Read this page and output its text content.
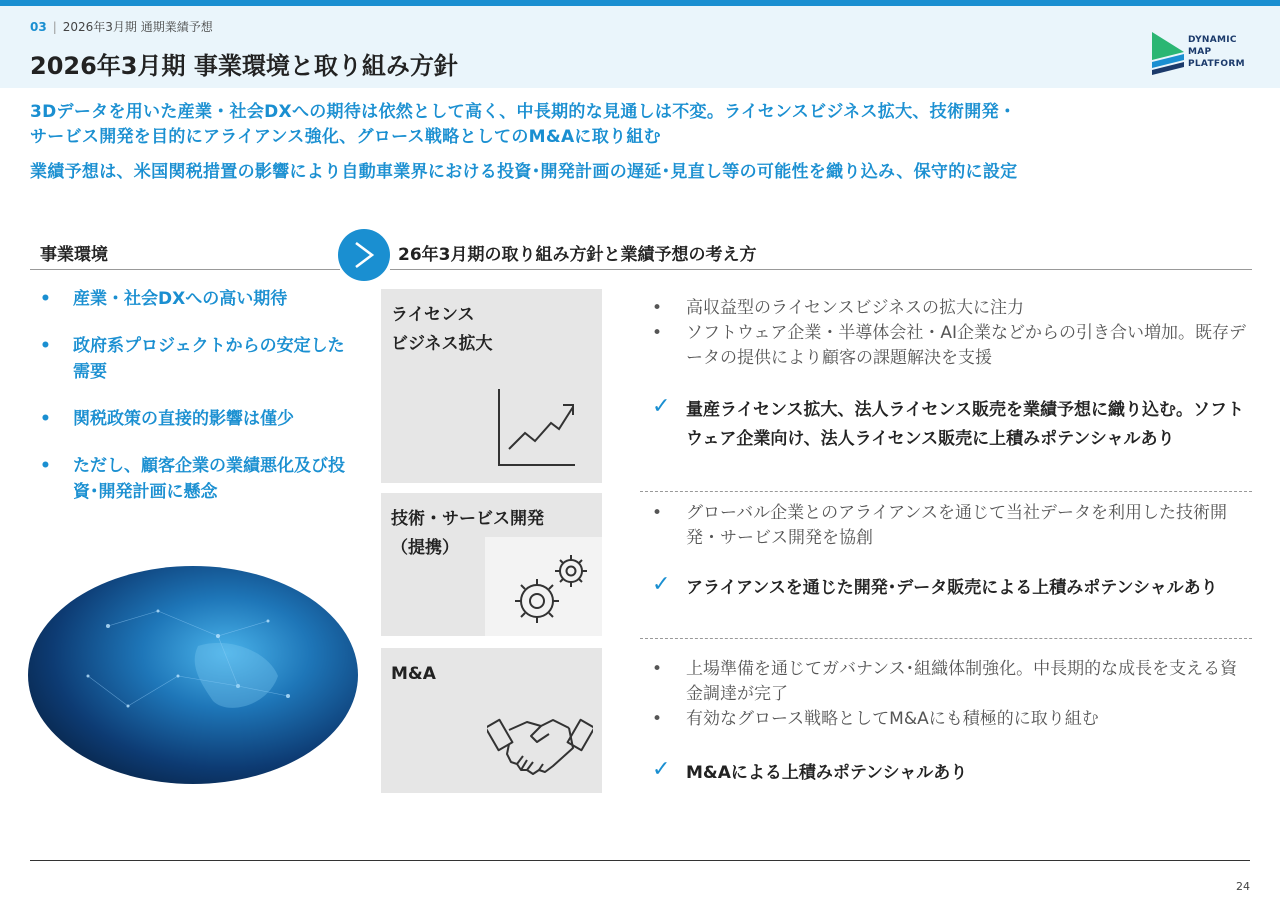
03 | 2026年3月期 通期業績予想
2026年3月期 事業環境と取り組み方針
DYNAMIC
MAP
PLATFORM
3Dデータを用いた産業・社会DXへの期待は依然として高く、中長期的な見通しは不変。ライセンスビジネス拡大、技術開発・
サービス開発を目的にアライアンス強化、グロース戦略としてのM&Aに取り組む
業績予想は、米国関税措置の影響により自動車業界における投資･開発計画の遅延･見直し等の可能性を織り込み、保守的に設定
事業環境	26年3月期の取り組み方針と業績予想の考え方
• 産業・社会DXへの高い期待
• 政府系プロジェクトからの安定した需要
• 関税政策の直接的影響は僅少
• ただし、顧客企業の業績悪化及び投資･開発計画に懸念
ライセンス
ビジネス拡大
• 高収益型のライセンスビジネスの拡大に注力
• ソフトウェア企業・半導体会社・AI企業などからの引き合い増加。既存データの提供により顧客の課題解決を支援
✓ 量産ライセンス拡大、法人ライセンス販売を業績予想に織り込む。ソフトウェア企業向け、法人ライセンス販売に上積みポテンシャルあり
技術・サービス開発
（提携）
• グローバル企業とのアライアンスを通じて当社データを利用した技術開発・サービス開発を協創
✓ アライアンスを通じた開発･データ販売による上積みポテンシャルあり
M&A
•	上場準備を通じてガバナンス･組織体制強化。中長期的な成長を支える資金調達が完了
• 有効なグロース戦略としてM&Aにも積極的に取り組む
✓ M&Aによる上積みポテンシャルあり
24
